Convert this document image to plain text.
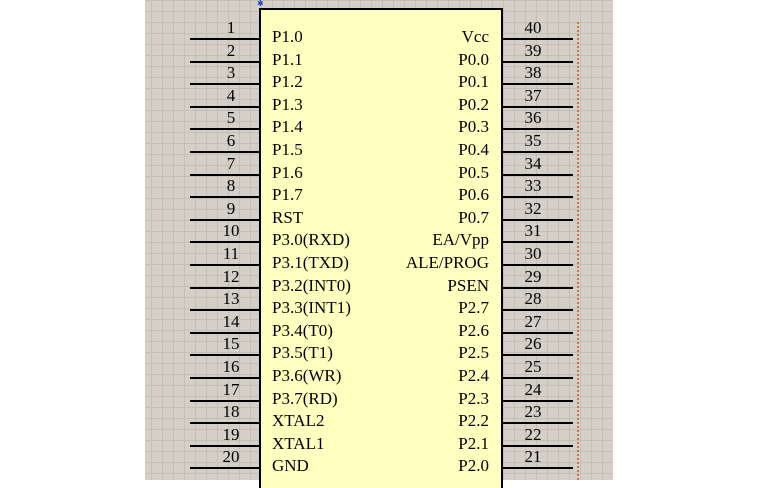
✱
1	P1.0
2	P1.1
3	P1.2
4	P1.3
5	P1.4
6	P1.5
7	P1.6
8	P1.7
9	RST
10	P3.0(RXD)
11	P3.1(TXD)
12	P3.2(INT0)
13	P3.3(INT1)
14	P3.4(T0)
15	P3.5(T1)
16	P3.6(WR)
17	P3.7(RD)
18	XTAL2
19	XTAL1
20	GND
40
Vcc
39
P0.0
38
P0.1
37
P0.2
36
P0.3
35
P0.4
34
P0.5
33
P0.6
32
P0.7
31
EA/Vpp
30
ALE/PROG
29
PSEN
28
P2.7
27
P2.6
26
P2.5
25
P2.4
24
P2.3
23
P2.2
22
P2.1
21
P2.0
